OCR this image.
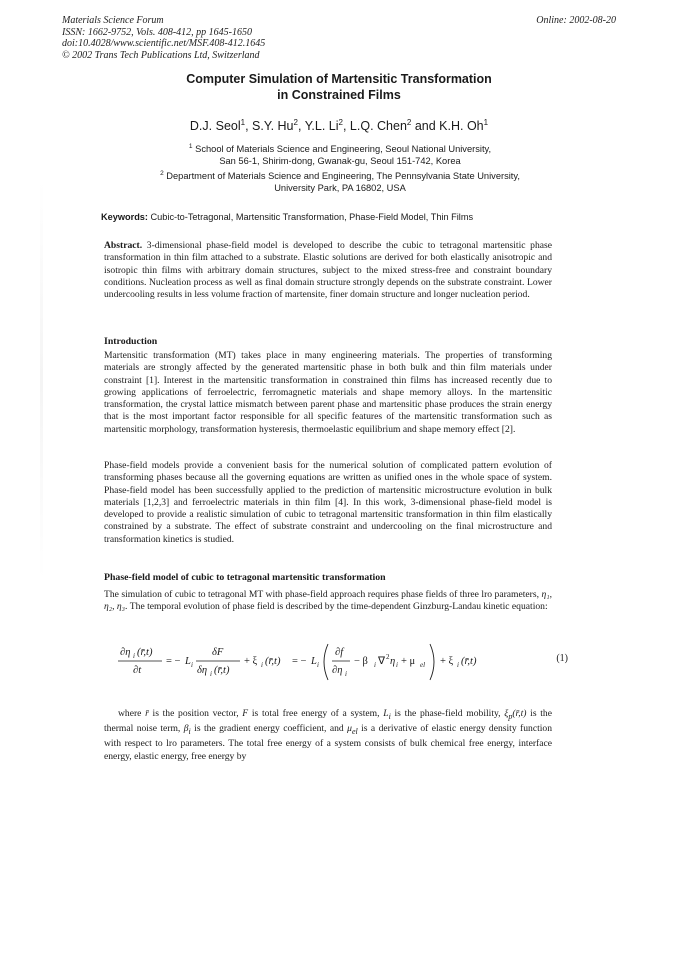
Materials Science Forum
ISSN: 1662-9752, Vols. 408-412, pp 1645-1650
doi:10.4028/www.scientific.net/MSF.408-412.1645
© 2002 Trans Tech Publications Ltd, Switzerland
Online: 2002-08-20
Computer Simulation of Martensitic Transformation
in Constrained Films
D.J. Seol$^1$, S.Y. Hu$^2$, Y.L. Li$^2$, L.Q. Chen$^2$ and K.H. Oh$^1$
$^1$ School of Materials Science and Engineering, Seoul National University,
San 56-1, Shirim-dong, Gwanak-gu, Seoul 151-742, Korea
$^2$ Department of Materials Science and Engineering, The Pennsylvania State University,
University Park, PA 16802, USA
Keywords: Cubic-to-Tetragonal, Martensitic Transformation, Phase-Field Model, Thin Films
Abstract. 3-dimensional phase-field model is developed to describe the cubic to tetragonal martensitic phase transformation in thin film attached to a substrate. Elastic solutions are derived for both elastically anisotropic and isotropic thin films with arbitrary domain structures, subject to the mixed stress-free and constraint boundary conditions. Nucleation process as well as final domain structure strongly depends on the substrate constraint. Lower undercooling results in less volume fraction of martensite, finer domain structure and longer nucleation period.
Introduction
Martensitic transformation (MT) takes place in many engineering materials. The properties of transforming materials are strongly affected by the generated martensitic phase in both bulk and thin film materials under constraint [1]. Interest in the martensitic transformation in constrained thin films has increased recently due to growing applications of ferroelectric, ferromagnetic materials and shape memory alloys. In the martensitic transformation, the crystal lattice mismatch between parent phase and martensitic phase produces the strain energy that is the most important factor responsible for all specific features of the martensitic transformation such as martensitic morphology, transformation hysteresis, thermoelastic equilibrium and shape memory effect [2].
Phase-field models provide a convenient basis for the numerical solution of complicated pattern evolution of transforming phases because all the governing equations are written as unified ones in the whole space of system. Phase-field model has been successfully applied to the prediction of martensitic microstructure evolution in bulk materials [1,2,3] and ferroelectric materials in thin film [4]. In this work, 3-dimensional phase-field model is developed to provide a realistic simulation of cubic to tetragonal martensitic transformation in thin film elastically constrained by a substrate. The effect of substrate constraint and undercooling on the final microstructure and transformation kinetics is studied.
Phase-field model of cubic to tetragonal martensitic transformation
The simulation of cubic to tetragonal MT with phase-field approach requires phase fields of three lro parameters, η₁, η₂, η₃. The temporal evolution of phase field is described by the time-dependent Ginzburg-Landau kinetic equation:
∂η i (r̄,t)
∂t
= − L i
δF
δη i (r̄,t)
+ ξ i (r̄,t) = − L i
∂f
∂η i
− β i ∇ 2 η i + μ el + ξ i (r̄,t)	(1)
where r̄ is the position vector, F is total free energy of a system, $L_i$ is the phase-field mobility, $\xi_p(r̄,t)$ is the thermal noise term, $\beta_i$ is the gradient energy coefficient, and $\mu_{el}$ is a derivative of elastic energy density function with respect to lro parameters. The total free energy of a system consists of bulk chemical free energy, interface energy, elastic energy, free energy by
